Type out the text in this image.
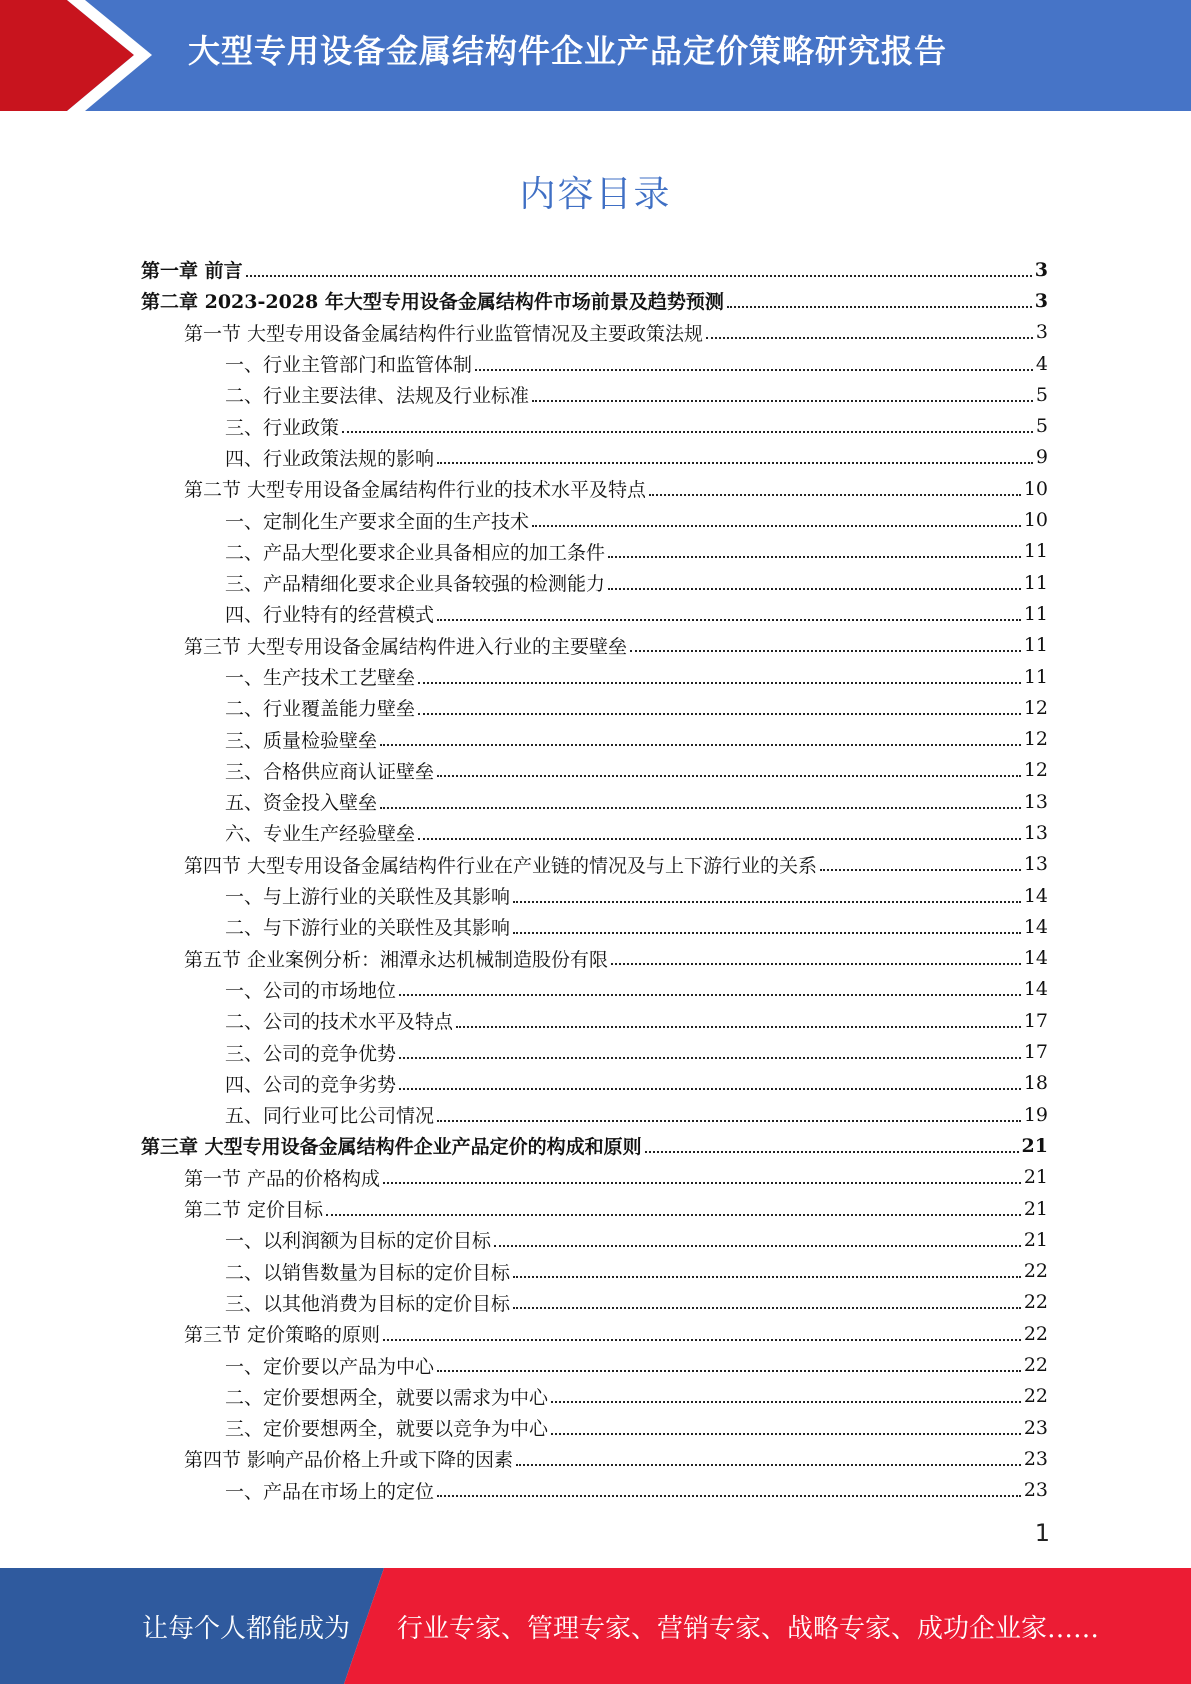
大型专用设备金属结构件企业产品定价策略研究报告
内容目录
第一章 前言	3
第二章 2023-2028 年大型专用设备金属结构件市场前景及趋势预测	3
第一节 大型专用设备金属结构件行业监管情况及主要政策法规	3
一、行业主管部门和监管体制	4
二、行业主要法律、法规及行业标准	5
三、行业政策	5
四、行业政策法规的影响	9
第二节 大型专用设备金属结构件行业的技术水平及特点	10
一、定制化生产要求全面的生产技术	10
二、产品大型化要求企业具备相应的加工条件	11
三、产品精细化要求企业具备较强的检测能力	11
四、行业特有的经营模式	11
第三节 大型专用设备金属结构件进入行业的主要壁垒	11
一、生产技术工艺壁垒	11
二、行业覆盖能力壁垒	12
三、质量检验壁垒	12
三、合格供应商认证壁垒	12
五、资金投入壁垒	13
六、专业生产经验壁垒	13
第四节 大型专用设备金属结构件行业在产业链的情况及与上下游行业的关系	13
一、与上游行业的关联性及其影响	14
二、与下游行业的关联性及其影响	14
第五节 企业案例分析：湘潭永达机械制造股份有限	14
一、公司的市场地位	14
二、公司的技术水平及特点	17
三、公司的竞争优势	17
四、公司的竞争劣势	18
五、同行业可比公司情况	19
第三章 大型专用设备金属结构件企业产品定价的构成和原则	21
第一节 产品的价格构成	21
第二节 定价目标	21
一、以利润额为目标的定价目标	21
二、以销售数量为目标的定价目标	22
三、以其他消费为目标的定价目标	22
第三节 定价策略的原则	22
一、定价要以产品为中心	22
二、定价要想两全，就要以需求为中心	22
三、定价要想两全，就要以竞争为中心	23
第四节 影响产品价格上升或下降的因素	23
一、产品在市场上的定位	23
1
让每个人都能成为 行业专家、管理专家、营销专家、战略专家、成功企业家……
